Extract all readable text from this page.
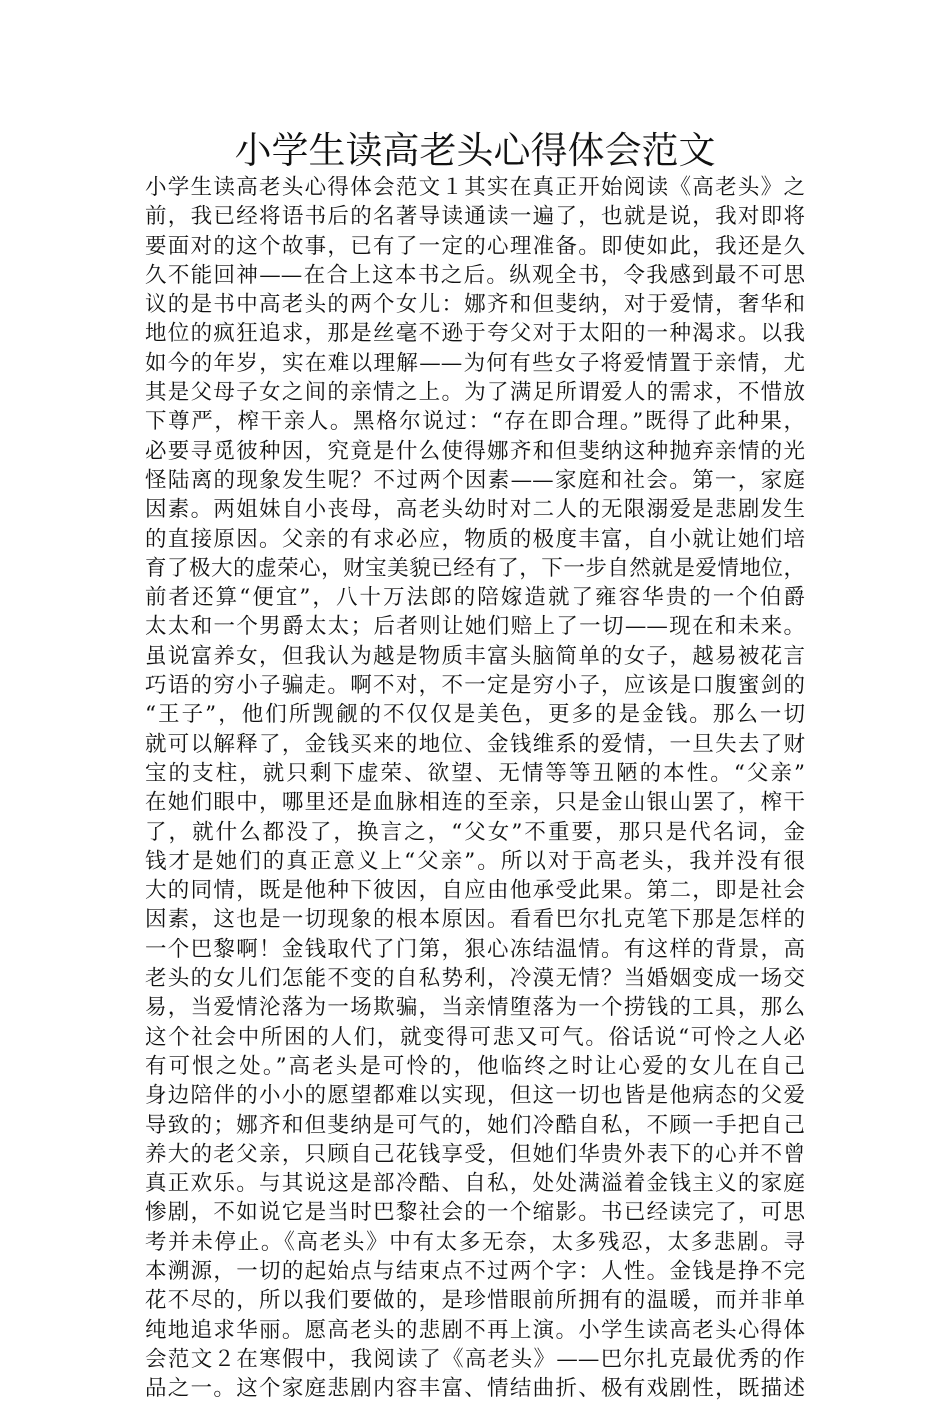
小学生读高老头心得体会范文
小学生读高老头心得体会范文１其实在真正开始阅读《高老头》之
前，我已经将语书后的名著导读通读一遍了，也就是说，我对即将
要面对的这个故事，已有了一定的心理准备。即使如此，我还是久
久不能回神——在合上这本书之后。纵观全书，令我感到最不可思
议的是书中高老头的两个女儿：娜齐和但斐纳，对于爱情，奢华和
地位的疯狂追求，那是丝毫不逊于夸父对于太阳的一种渴求。以我
如今的年岁，实在难以理解——为何有些女子将爱情置于亲情，尤
其是父母子女之间的亲情之上。为了满足所谓爱人的需求，不惜放
下尊严，榨干亲人。黑格尔说过：“存在即合理。”既得了此种果，
必要寻觅彼种因，究竟是什么使得娜齐和但斐纳这种抛弃亲情的光
怪陆离的现象发生呢？不过两个因素——家庭和社会。第一，家庭
因素。两姐妹自小丧母，高老头幼时对二人的无限溺爱是悲剧发生
的直接原因。父亲的有求必应，物质的极度丰富，自小就让她们培
育了极大的虚荣心，财宝美貌已经有了，下一步自然就是爱情地位，
前者还算“便宜”，八十万法郎的陪嫁造就了雍容华贵的一个伯爵
太太和一个男爵太太；后者则让她们赔上了一切——现在和未来。
虽说富养女，但我认为越是物质丰富头脑简单的女子，越易被花言
巧语的穷小子骗走。啊不对，不一定是穷小子，应该是口腹蜜剑的
“王子”，他们所觊觎的不仅仅是美色，更多的是金钱。那么一切
就可以解释了，金钱买来的地位、金钱维系的爱情，一旦失去了财
宝的支柱，就只剩下虚荣、欲望、无情等等丑陋的本性。“父亲”
在她们眼中，哪里还是血脉相连的至亲，只是金山银山罢了，榨干
了，就什么都没了，换言之，“父女”不重要，那只是代名词，金
钱才是她们的真正意义上“父亲”。所以对于高老头，我并没有很
大的同情，既是他种下彼因，自应由他承受此果。第二，即是社会
因素，这也是一切现象的根本原因。看看巴尔扎克笔下那是怎样的
一个巴黎啊！金钱取代了门第，狠心冻结温情。有这样的背景，高
老头的女儿们怎能不变的自私势利，冷漠无情？当婚姻变成一场交
易，当爱情沦落为一场欺骗，当亲情堕落为一个捞钱的工具，那么
这个社会中所困的人们，就变得可悲又可气。俗话说“可怜之人必
有可恨之处。”高老头是可怜的，他临终之时让心爱的女儿在自己
身边陪伴的小小的愿望都难以实现，但这一切也皆是他病态的父爱
导致的；娜齐和但斐纳是可气的，她们冷酷自私，不顾一手把自己
养大的老父亲，只顾自己花钱享受，但她们华贵外表下的心并不曾
真正欢乐。与其说这是部冷酷、自私，处处满溢着金钱主义的家庭
惨剧，不如说它是当时巴黎社会的一个缩影。书已经读完了，可思
考并未停止。《高老头》中有太多无奈，太多残忍，太多悲剧。寻
本溯源，一切的起始点与结束点不过两个字：人性。金钱是挣不完
花不尽的，所以我们要做的，是珍惜眼前所拥有的温暖，而并非单
纯地追求华丽。愿高老头的悲剧不再上演。小学生读高老头心得体
会范文２在寒假中，我阅读了《高老头》——巴尔扎克最优秀的作
品之一。这个家庭悲剧内容丰富、情结曲折、极有戏剧性，既描述
